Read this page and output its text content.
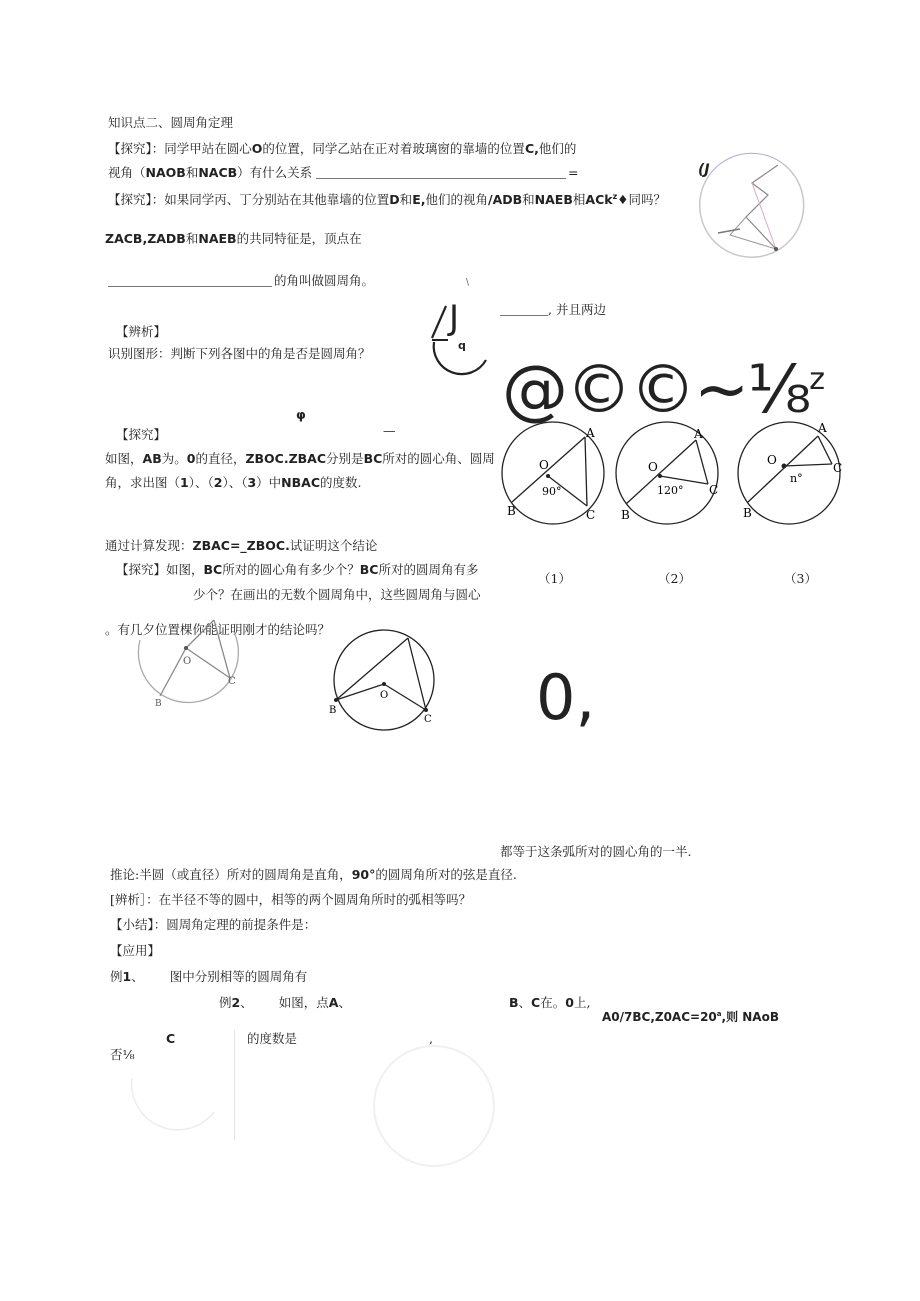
知识点二、圆周角定理
【探究】：同学甲站在圆心O的位置，同学乙站在正对着玻璃窗的靠墙的位置C,他们的
视角（NAOB和NACB）有什么关系	=	(J
【探究】：如果同学丙、丁分别站在其他靠墙的位置D和E,他们的视角/ADB和NAEB相ACk$^z$♦同吗？
ZACB,ZADB和NAEB的共同特征是，顶点在
的角叫做圆周角。	\
, 并且两边
J
q
【辨析】
识别图形：判断下列各图中的角是否是圆周角？ @©©~⅛$^z$
φ
【探究】	—
如图，AB为。0的直径，ZBOC.ZBAC分别是BC所对的圆心角、圆周
角，求出图（1）、（2）、（3）中NBAC的度数.
A
B	C
O
90°
A
B
C
O
120°
A
B
C
O
n°
（1）	（2）	（3）
通过计算发现：ZBAC=_ZBOC.试证明这个结论
【探究】如图，BC所对的圆心角有多少个？BC所对的圆周角有多
少个？在画出的无数个圆周角中，这些圆周角与圆心
。有几夕位置棵你能证明刚才的结论吗？
O
B
C
O
B
C 0,
都等于这条弧所对的圆心角的一半.
推论:半圆（或直径）所对的圆周角是直角，90°的圆周角所对的弦是直径.
[辨析］：在半径不等的圆中，相等的两个圆周角所时的弧相等吗？
【小结】：圆周角定理的前提条件是：
【应用】
例1、 图中分别相等的圆周角有
例2、 如图，点A、	B、C在。0上,
$A0/7BC,Z0AC=20^a$,则 NAoB
C	的度数是	,
否⅛
